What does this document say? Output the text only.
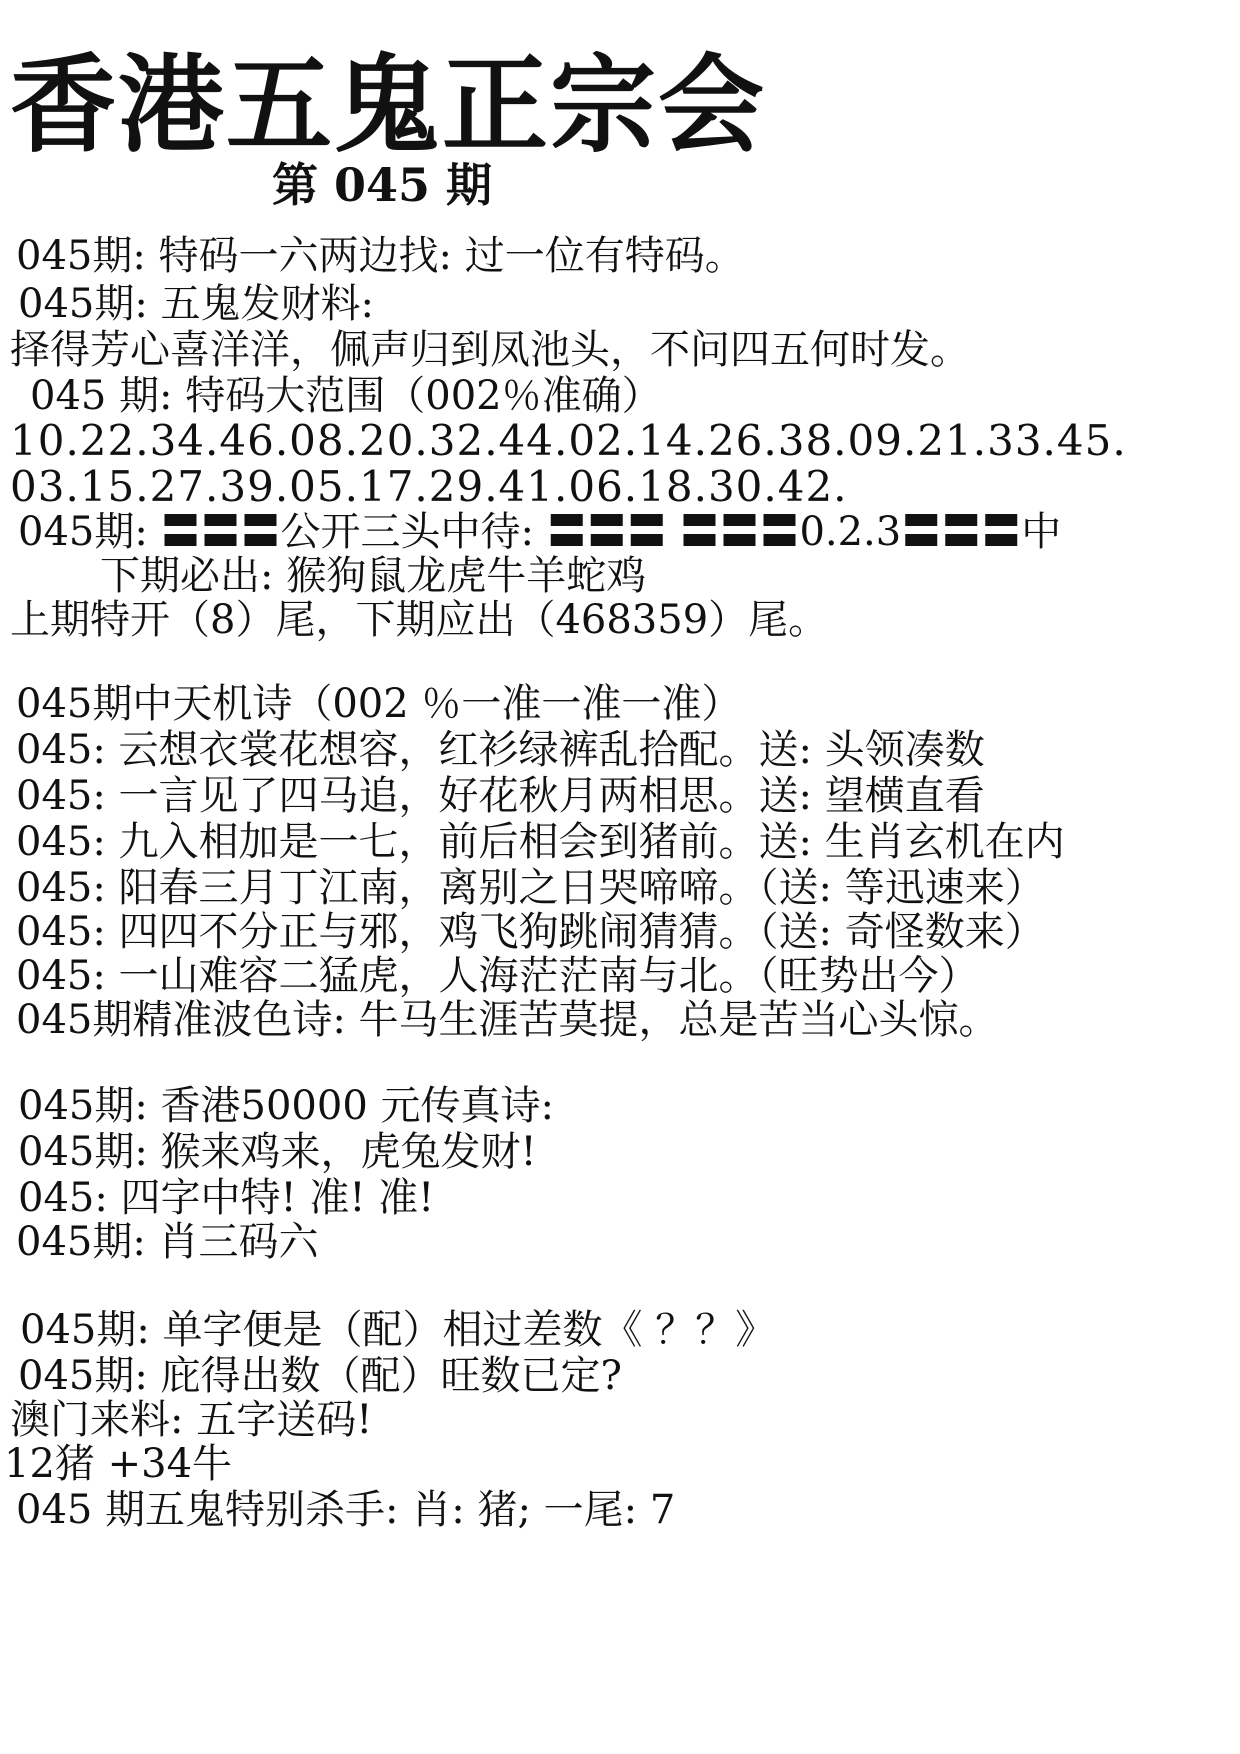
香港五鬼正宗会
第 045 期
045期: 特码一六两边找: 过一位有特码。
045期: 五鬼发财料:
择得芳心喜洋洋，佩声归到凤池头，不问四五何时发。
045 期: 特码大范围（002％准确）
10.22.34.46.08.20.32.44.02.14.26.38.09.21.33.45.
03.15.27.39.05.17.29.41.06.18.30.42.
045期: 〓〓〓公开三头中待: 〓〓〓 〓〓〓0.2.3〓〓〓中
下期必出: 猴狗鼠龙虎牛羊蛇鸡
上期特开（8）尾，下期应出（468359）尾。
045期中天机诗（002 ％一准一准一准）
045: 云想衣裳花想容，红衫绿裤乱拾配。送: 头领凑数
045: 一言见了四马追，好花秋月两相思。送: 望横直看
045: 九入相加是一七，前后相会到猪前。送: 生肖玄机在内
045: 阳春三月丁江南，离别之日哭啼啼。（送: 等迅速来）
045: 四四不分正与邪，鸡飞狗跳闹猜猜。（送: 奇怪数来）
045: 一山难容二猛虎，人海茫茫南与北。（旺势出今）
045期精准波色诗: 牛马生涯苦莫提，总是苦当心头惊。
045期: 香港50000 元传真诗:
045期: 猴来鸡来，虎兔发财!
045: 四字中特! 准! 准!
045期: 肖三码六
045期: 单字便是（配）相过差数《 ？？》
045期: 庇得出数（配）旺数已定?
澳门来料: 五字送码!
12猪 +34牛
045 期五鬼特别杀手: 肖: 猪; 一尾: 7
